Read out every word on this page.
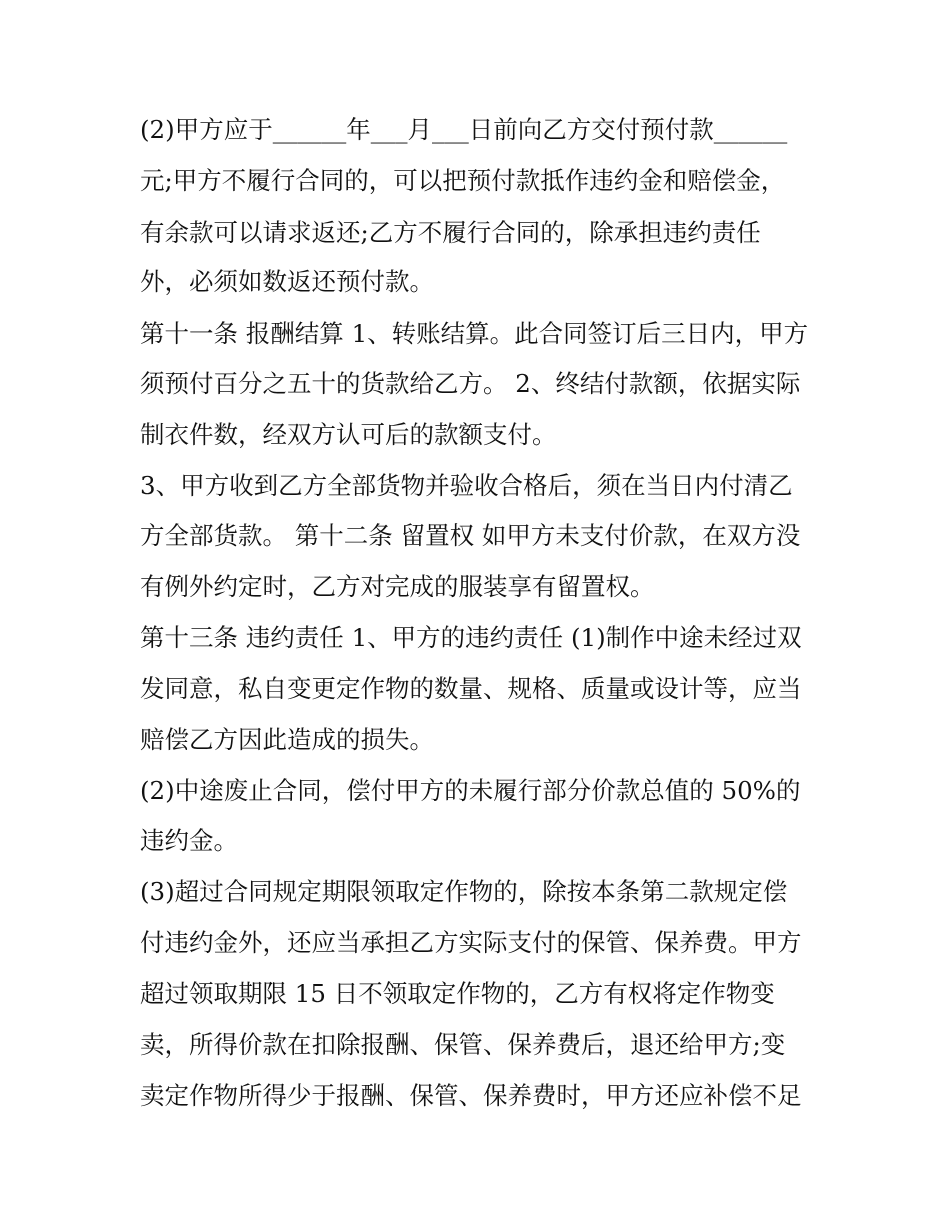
(2)甲方应于______年___月___日前向乙方交付预付款______
元;甲方不履行合同的，可以把预付款抵作违约金和赔偿金，
有余款可以请求返还;乙方不履行合同的，除承担违约责任
外，必须如数返还预付款。
第十一条 报酬结算 1、转账结算。此合同签订后三日内，甲方
须预付百分之五十的货款给乙方。 2、终结付款额，依据实际
制衣件数，经双方认可后的款额支付。
3、甲方收到乙方全部货物并验收合格后，须在当日内付清乙
方全部货款。 第十二条 留置权 如甲方未支付价款，在双方没
有例外约定时，乙方对完成的服装享有留置权。
第十三条 违约责任 1、甲方的违约责任 (1)制作中途未经过双
发同意，私自变更定作物的数量、规格、质量或设计等，应当
赔偿乙方因此造成的损失。
(2)中途废止合同，偿付甲方的未履行部分价款总值的 50%的
违约金。
(3)超过合同规定期限领取定作物的，除按本条第二款规定偿
付违约金外，还应当承担乙方实际支付的保管、保养费。甲方
超过领取期限 15 日不领取定作物的，乙方有权将定作物变
卖，所得价款在扣除报酬、保管、保养费后，退还给甲方;变
卖定作物所得少于报酬、保管、保养费时，甲方还应补偿不足
